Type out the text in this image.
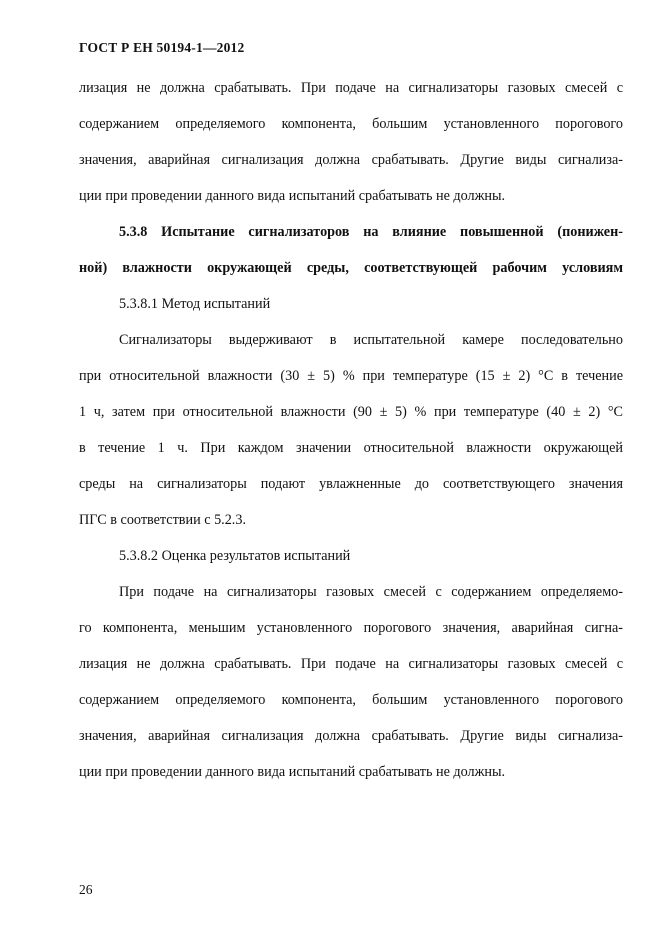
ГОСТ Р ЕН 50194-1—2012
лизация не должна срабатывать. При подаче на сигнализаторы газовых смесей с
содержанием определяемого компонента, большим установленного порогового
значения, аварийная сигнализация должна срабатывать. Другие виды сигнализа-
ции при проведении данного вида испытаний срабатывать не должны.
5.3.8 Испытание сигнализаторов на влияние повышенной (понижен-
ной) влажности окружающей среды, соответствующей рабочим условиям
5.3.8.1 Метод испытаний
Сигнализаторы выдерживают в испытательной камере последовательно
при относительной влажности (30 ± 5) % при температуре (15 ± 2) °С в течение
1 ч, затем при относительной влажности (90 ± 5) % при температуре (40 ± 2) °С
в течение 1 ч. При каждом значении относительной влажности окружающей
среды на сигнализаторы подают увлажненные до соответствующего значения
ПГС в соответствии с 5.2.3.
5.3.8.2 Оценка результатов испытаний
При подаче на сигнализаторы газовых смесей с содержанием определяемо-
го компонента, меньшим установленного порогового значения, аварийная сигна-
лизация не должна срабатывать. При подаче на сигнализаторы газовых смесей с
содержанием определяемого компонента, большим установленного порогового
значения, аварийная сигнализация должна срабатывать. Другие виды сигнализа-
ции при проведении данного вида испытаний срабатывать не должны.
26
